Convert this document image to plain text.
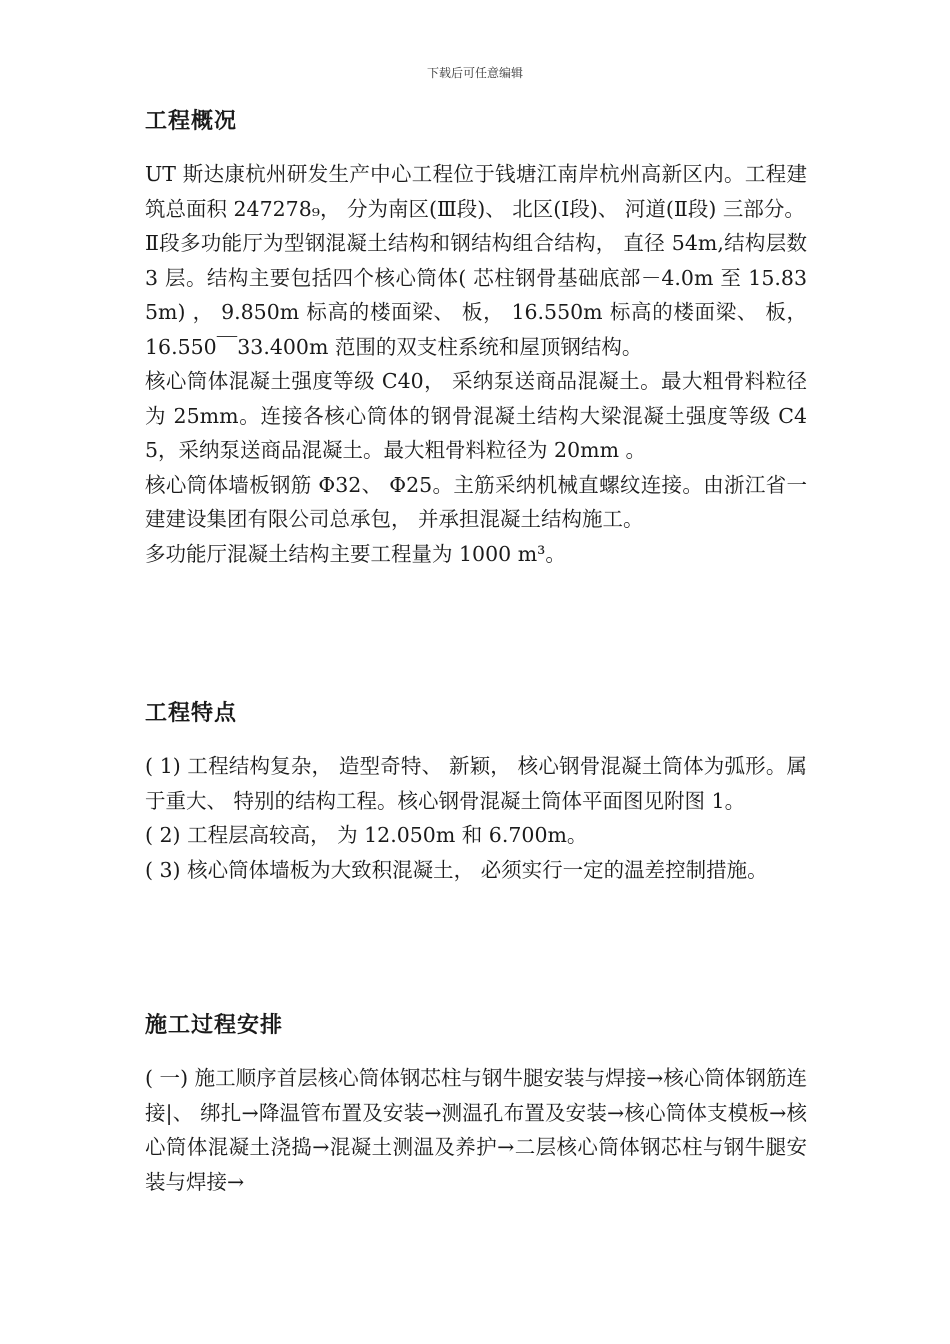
下载后可任意编辑
工程概况

UT 斯达康杭州研发生产中心工程位于钱塘江南岸杭州高新区内。工程建筑总面积 247278₉， 分为南区(Ⅲ段)、 北区(Ⅰ段)、 河道(Ⅱ段) 三部分。

Ⅱ段多功能厅为型钢混凝土结构和钢结构组合结构， 直径 54m,结构层数 3 层。结构主要包括四个核心筒体( 芯柱钢骨基础底部－4.0m 至 15.835m) ， 9.850m 标高的楼面梁、 板， 16.550m 标高的楼面梁、 板， 16.550￣33.400m 范围的双支柱系统和屋顶钢结构。

核心筒体混凝土强度等级 C40， 采纳泵送商品混凝土。最大粗骨料粒径为 25mm。连接各核心筒体的钢骨混凝土结构大梁混凝土强度等级 C45，采纳泵送商品混凝土。最大粗骨料粒径为 20mm 。

核心筒体墙板钢筋 Φ32、 Φ25。主筋采纳机械直螺纹连接。由浙江省一建建设集团有限公司总承包， 并承担混凝土结构施工。

多功能厅混凝土结构主要工程量为 1000 m³。

工程特点

( 1) 工程结构复杂， 造型奇特、 新颖， 核心钢骨混凝土筒体为弧形。属于重大、 特别的结构工程。核心钢骨混凝土筒体平面图见附图 1。

( 2) 工程层高较高， 为 12.050m 和 6.700m。

( 3) 核心筒体墙板为大致积混凝土， 必须实行一定的温差控制措施。

施工过程安排

( 一) 施工顺序首层核心筒体钢芯柱与钢牛腿安装与焊接→核心筒体钢筋连接|、 绑扎→降温管布置及安装→测温孔布置及安装→核心筒体支模板→核心筒体混凝土浇捣→混凝土测温及养护→二层核心筒体钢芯柱与钢牛腿安装与焊接→
